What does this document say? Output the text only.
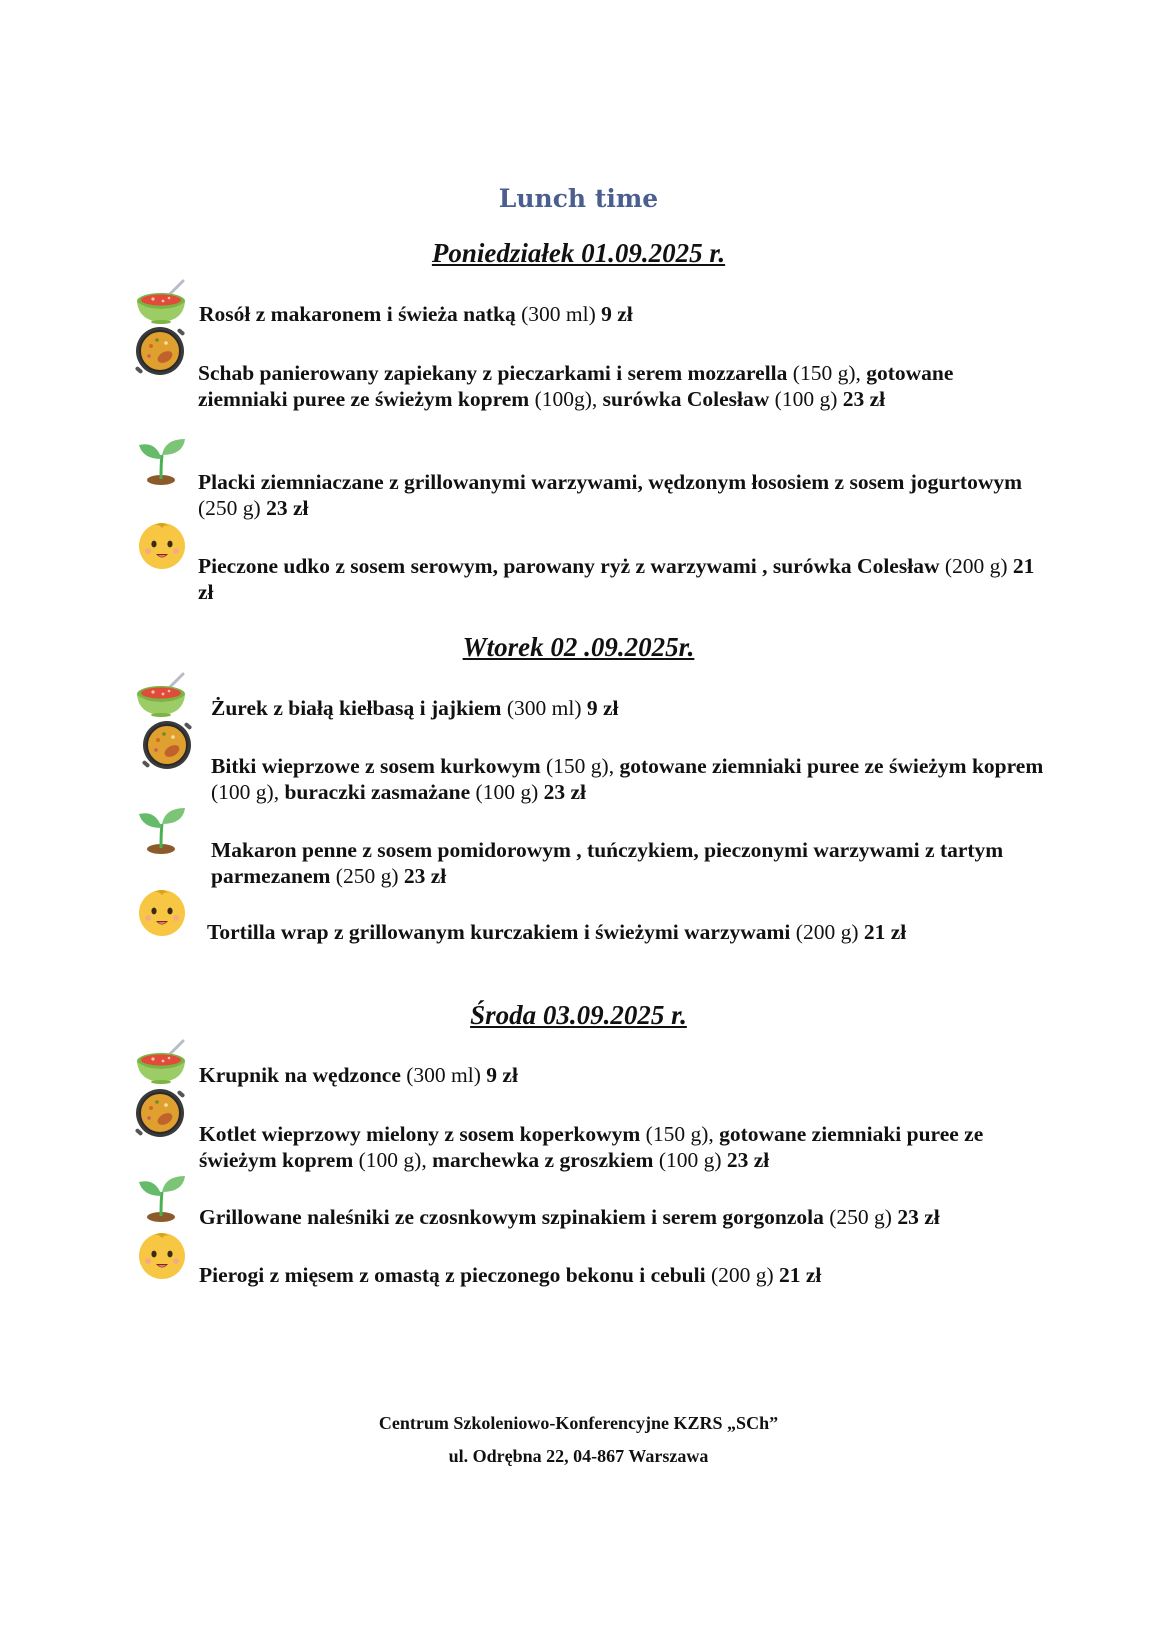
Lunch time
Poniedziałek 01.09.2025 r.
Rosół z makaronem i świeża natką (300 ml) 9 zł
Schab panierowany zapiekany z pieczarkami i serem mozzarella (150 g), gotowane ziemniaki puree ze świeżym koprem (100g), surówka Colesław (100 g) 23 zł
Placki ziemniaczane z grillowanymi warzywami, wędzonym łososiem z sosem jogurtowym (250 g) 23 zł
Pieczone udko z sosem serowym, parowany ryż z warzywami , surówka Colesław (200 g) 21 zł
Wtorek 02 .09.2025r.
Żurek z białą kiełbasą i jajkiem (300 ml) 9 zł
Bitki wieprzowe z sosem kurkowym (150 g), gotowane ziemniaki puree ze świeżym koprem (100 g), buraczki zasmażane (100 g) 23 zł
Makaron penne z sosem pomidorowym , tuńczykiem, pieczonymi warzywami z tartym parmezanem (250 g) 23 zł
Tortilla wrap z grillowanym kurczakiem i świeżymi warzywami (200 g) 21 zł
Środa 03.09.2025 r.
Krupnik na wędzonce (300 ml) 9 zł
Kotlet wieprzowy mielony z sosem koperkowym (150 g), gotowane ziemniaki puree ze świeżym koprem (100 g), marchewka z groszkiem (100 g) 23 zł
Grillowane naleśniki ze czosnkowym szpinakiem i serem gorgonzola (250 g) 23 zł
Pierogi z mięsem z omastą z pieczonego bekonu i cebuli (200 g) 21 zł
Centrum Szkoleniowo-Konferencyjne KZRS „SCh”
ul. Odrębna 22, 04-867 Warszawa
